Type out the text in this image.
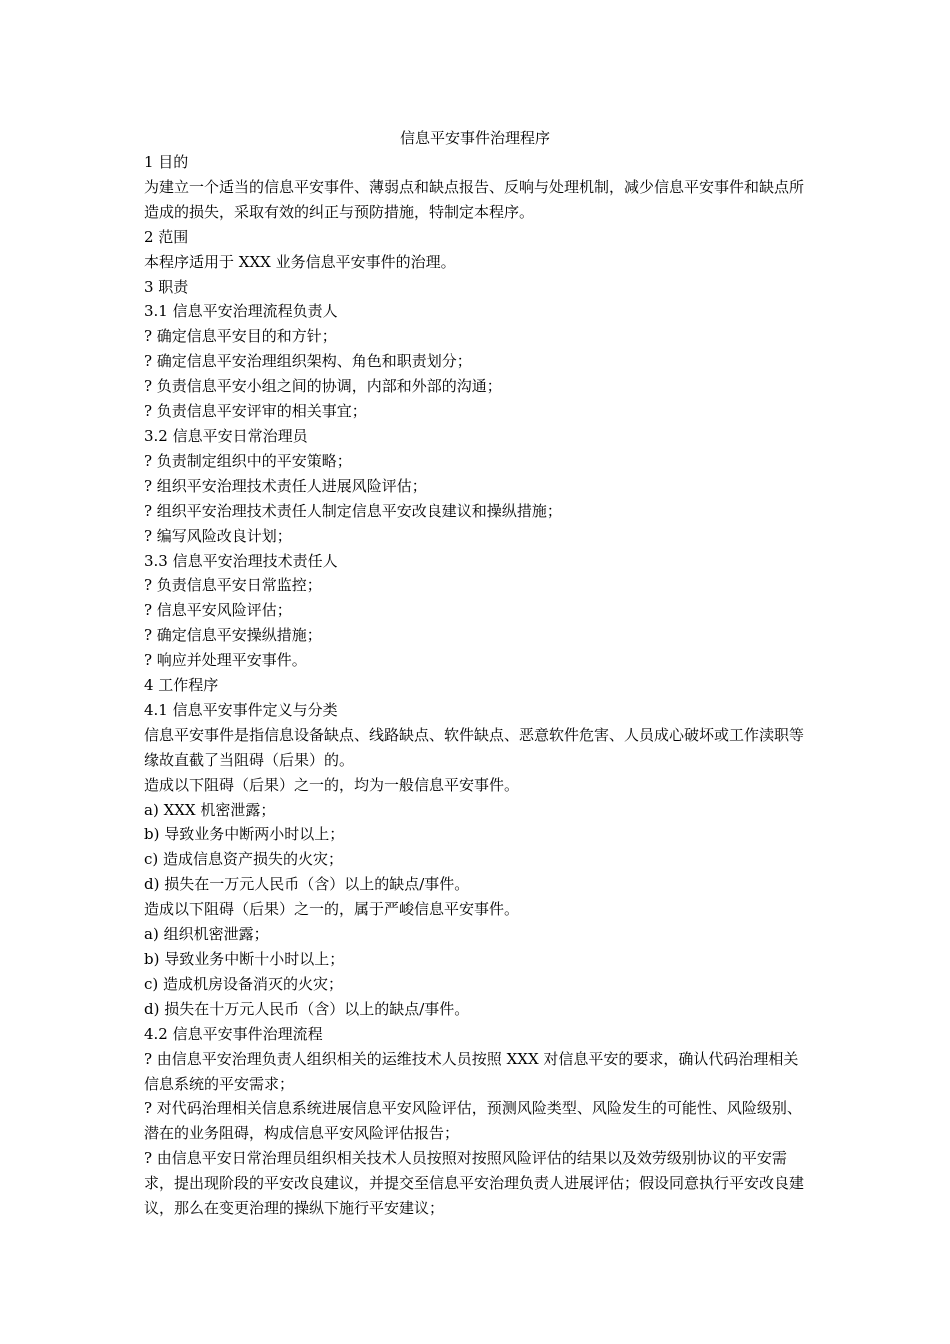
信息平安事件治理程序
1 目的
为建立一个适当的信息平安事件、薄弱点和缺点报告、反响与处理机制，减少信息平安事件和缺点所造成的损失，采取有效的纠正与预防措施，特制定本程序。
2 范围
本程序适用于 XXX 业务信息平安事件的治理。
3 职责
3.1 信息平安治理流程负责人
? 确定信息平安目的和方针；
? 确定信息平安治理组织架构、角色和职责划分；
? 负责信息平安小组之间的协调，内部和外部的沟通；
? 负责信息平安评审的相关事宜；
3.2 信息平安日常治理员
? 负责制定组织中的平安策略；
? 组织平安治理技术责任人进展风险评估；
? 组织平安治理技术责任人制定信息平安改良建议和操纵措施；
? 编写风险改良计划；
3.3 信息平安治理技术责任人
? 负责信息平安日常监控；
? 信息平安风险评估；
? 确定信息平安操纵措施；
? 响应并处理平安事件。
4 工作程序
4.1 信息平安事件定义与分类
信息平安事件是指信息设备缺点、线路缺点、软件缺点、恶意软件危害、人员成心破坏或工作渎职等缘故直截了当阻碍（后果）的。
造成以下阻碍（后果）之一的，均为一般信息平安事件。
a) XXX 机密泄露；
b) 导致业务中断两小时以上；
c) 造成信息资产损失的火灾；
d) 损失在一万元人民币（含）以上的缺点/事件。
造成以下阻碍（后果）之一的，属于严峻信息平安事件。
a) 组织机密泄露；
b) 导致业务中断十小时以上；
c) 造成机房设备消灭的火灾；
d) 损失在十万元人民币（含）以上的缺点/事件。
4.2 信息平安事件治理流程
? 由信息平安治理负责人组织相关的运维技术人员按照 XXX 对信息平安的要求，确认代码治理相关信息系统的平安需求；
? 对代码治理相关信息系统进展信息平安风险评估，预测风险类型、风险发生的可能性、风险级别、潜在的业务阻碍，构成信息平安风险评估报告；
? 由信息平安日常治理员组织相关技术人员按照对按照风险评估的结果以及效劳级别协议的平安需求，提出现阶段的平安改良建议，并提交至信息平安治理负责人进展评估；假设同意执行平安改良建议，那么在变更治理的操纵下施行平安建议；
